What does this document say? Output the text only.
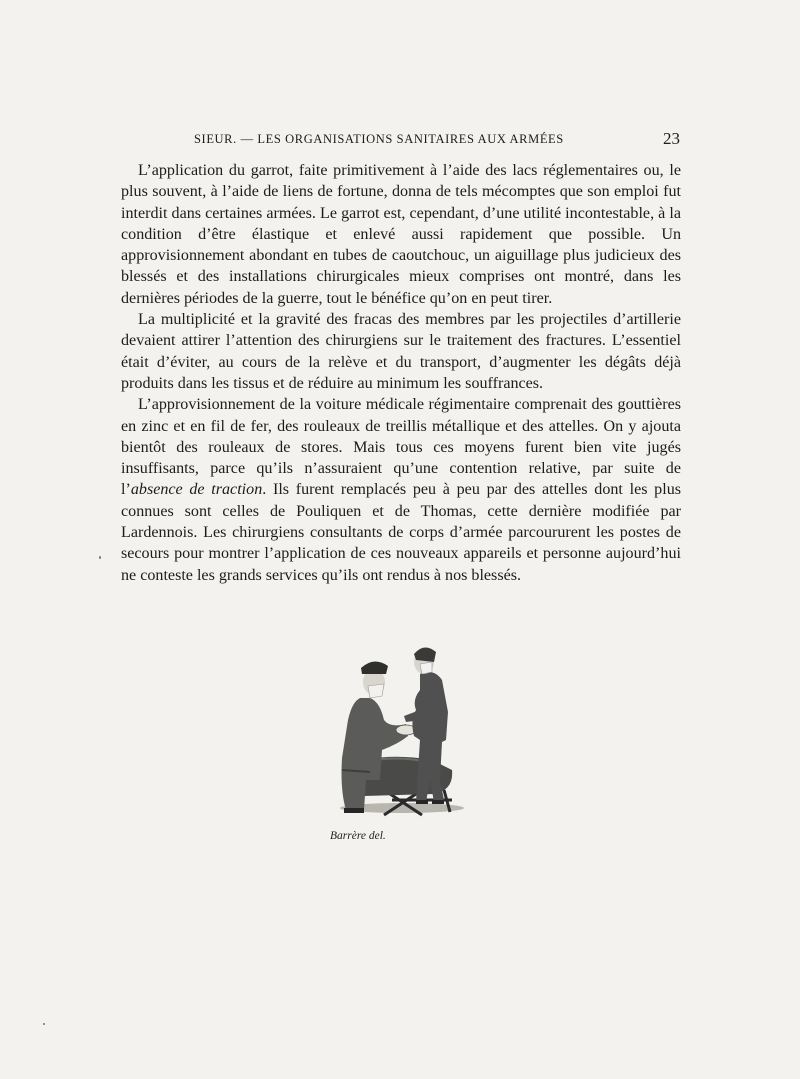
SIEUR. — LES ORGANISATIONS SANITAIRES AUX ARMÉES	23

L’application du garrot, faite primitivement à l’aide des lacs réglementaires ou, le plus souvent, à l’aide de liens de fortune, donna de tels mécomptes que son emploi fut interdit dans certaines armées. Le garrot est, cependant, d’une utilité incontestable, à la condition d’être élastique et enlevé aussi rapidement que possible. Un approvisionnement abondant en tubes de caoutchouc, un aiguillage plus judicieux des blessés et des installations chirurgicales mieux comprises ont montré, dans les dernières périodes de la guerre, tout le bénéfice qu’on en peut tirer.

La multiplicité et la gravité des fracas des membres par les projectiles d’artillerie devaient attirer l’attention des chirurgiens sur le traitement des fractures. L’essentiel était d’éviter, au cours de la relève et du transport, d’augmenter les dégâts déjà produits dans les tissus et de réduire au minimum les souffrances.

L’approvisionnement de la voiture médicale régimentaire comprenait des gouttières en zinc et en fil de fer, des rouleaux de treillis métallique et des attelles. On y ajouta bientôt des rouleaux de stores. Mais tous ces moyens furent bien vite jugés insuffisants, parce qu’ils n’assuraient qu’une contention relative, par suite de l’absence de traction. Ils furent remplacés peu à peu par des attelles dont les plus connues sont celles de Pouliquen et de Thomas, cette dernière modifiée par Lardennois. Les chirurgiens consultants de corps d’armée parcoururent les postes de secours pour montrer l’application de ces nouveaux appareils et personne aujourd’hui ne conteste les grands services qu’ils ont rendus à nos blessés.

Barrère del.
